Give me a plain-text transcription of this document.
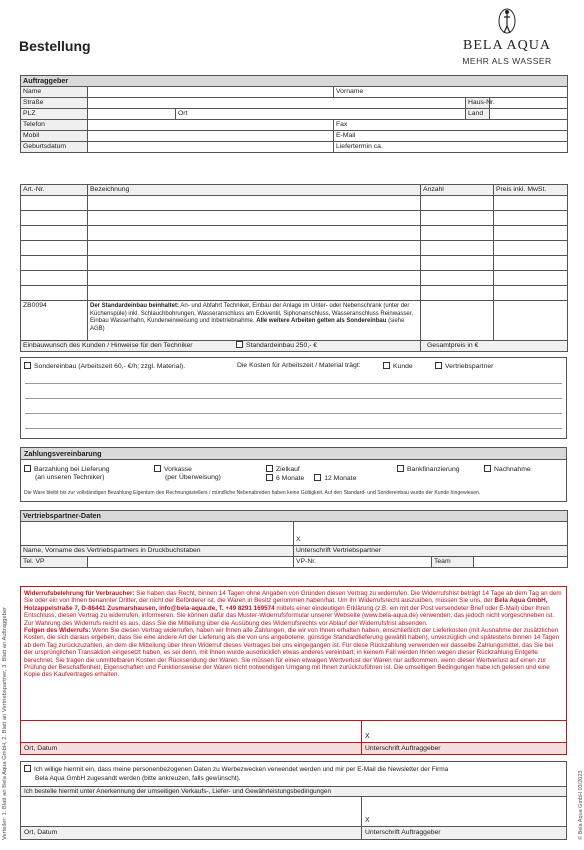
Bestellung	BELA AQUA
MEHR ALS WASSER
Auftraggeber					
Name			Vorname		
Straße				Haus-Nr.	
PLZ		Ort		Land	
Telefon			Fax		
Mobil			E-Mail		
Geburtsdatum			Liefertermin ca.		
Art.-Nr.	Bezeichnung	Anzahl	Preis inkl. MwSt.

ZB0094	Der Standardeinbau beinhaltet: An- und Abfahrt Techniker, Einbau der Anlage im Unter- oder Nebenschrank (unter der Küchenspüle) inkl. Schlauchbohrungen, Wasseranschluss am Eckventil, Siphonanschluss, Wasseranschluss Reinwasser, Einbau Wasserhahn, Kundeneinweisung und Inbetriebnahme. Alle weitere Arbeiten gelten als Sondereinbau (siehe AGB)		
Einbauwunsch des Kunden / Hinweise für den Techniker Standardeinbau 250,- €		Gesamtpreis in €	
Sondereinbau (Arbeitszeit 60,- €/h; zzgl. Material).	Die Kosten für Arbeitszeit / Material trägt:	Kunde	Vertriebspartner
Zahlungsvereinbarung
Barzahlung bei Lieferung
(an unseren Techniker)
Vorkasse
(per Überweisung)
Zielkauf
6 Monate	12 Monate
Bankfinanzierung	Nachnahme
Die Ware bleibt bis zur vollständigen Bezahlung Eigentum des Rechnungsstellers / mündliche Nebenabreden haben keine Gültigkeit. Auf den Standard- und Sondereinbau wurde der Kunde hingewiesen.
Vertriebspartner-Daten				
		X		
Name, Vorname des Vertriebspartners in Druckbuchstaben		Unterschrift Vertriebspartner		
Tel. VP		VP-Nr.	Team	
Widerrufsbelehrung für Verbraucher: Sie haben das Recht, binnen 14 Tagen ohne Angaben von Gründen diesen Vertrag zu widerrufen. Die Widerrufsfrist beträgt 14 Tage ab dem Tag an dem Sie oder ein von Ihnen benannter Dritter, der nicht der Beförderer ist, die Waren in Besitz genommen haben/hat. Um Ihr Widerrufsrecht auszuüben, müssen Sie uns, der Bela Aqua GmbH, Holzappelstraße 7, D-86441 Zusmarshausen, info@bela-aqua.de, T. +49 8291 169574 mittels einer eindeutigen Erklärung (z.B. ein mit der Post versendeter Brief oder E-Mail) über Ihren Entschluss, diesen Vertrag zu widerrufen, informieren. Sie können dafür das Muster-Widerrufsformular unserer Webseite (www.bela-aqua.de) verwenden, das jedoch nicht vorgeschrieben ist. Zur Wahrung des Widerrufs reicht es aus, dass Sie die Mitteilung über die Ausübung des Widerrufsrechts vor Ablauf der Widerrufsfrist absenden.
Folgen des Widerrufs: Wenn Sie diesen Vertrag widerrufen, haben wir Ihnen alle Zahlungen, die wir von Ihnen erhalten haben, einschließlich der Lieferkosten (mit Ausnahme der zusätzlichen Kosten, die sich daraus ergeben, dass Sie eine andere Art der Lieferung als die von uns angebotene, günstige Standardlieferung gewählt haben), unverzüglich und spätestens binnen 14 Tagen ab dem Tag zurückzuzahlen, an dem die Mitteilung über Ihren Widerruf dieses Vertrages bei uns eingegangen ist. Für diese Rückzahlung verwenden wir dasselbe Zahlungsmittel, das Sie bei der ursprünglichen Transaktion eingesetzt haben, es sei denn, mit Ihnen wurde ausdrücklich etwas anderes vereinbart; in keinem Fall werden Ihnen wegen dieser Rückzahlung Entgelte berechnet. Sie tragen die unmittelbaren Kosten der Rücksendung der Waren. Sie müssen für einen etwaigen Wertverlust der Waren nur aufkommen, wenn dieser Wertverlust auf einen zur Prüfung der Beschaffenheit, Eigenschaften und Funktionsweise der Waren nicht notwendigen Umgang mit Ihnen zurückzuführen ist. Die umseitigen Bedingungen habe ich gelesen und eine Kopie des Kaufvertrages erhalten.
X
Ort, Datum	Unterschrift Auftraggeber
Ich willige hiermit ein, dass meine personenbezogenen Daten zu Werbezwecken verwendet werden und mir per E-Mail die Newsletter der Firma
Bela Aqua GmbH zugesandt werden (bitte ankreuzen, falls gewünscht).
Ich bestelle hiermit unter Anerkennung der umseitigen Verkaufs-, Liefer- und Gewährleistungsbedingungen
X
Ort, Datum	Unterschrift Auftraggeber
Verteiler: 1. Blatt an Bela Aqua GmbH, 2. Blatt an Vertriebspartner, 3. Blatt an Auftraggeber	© Bela Aqua GmbH 03/2023
